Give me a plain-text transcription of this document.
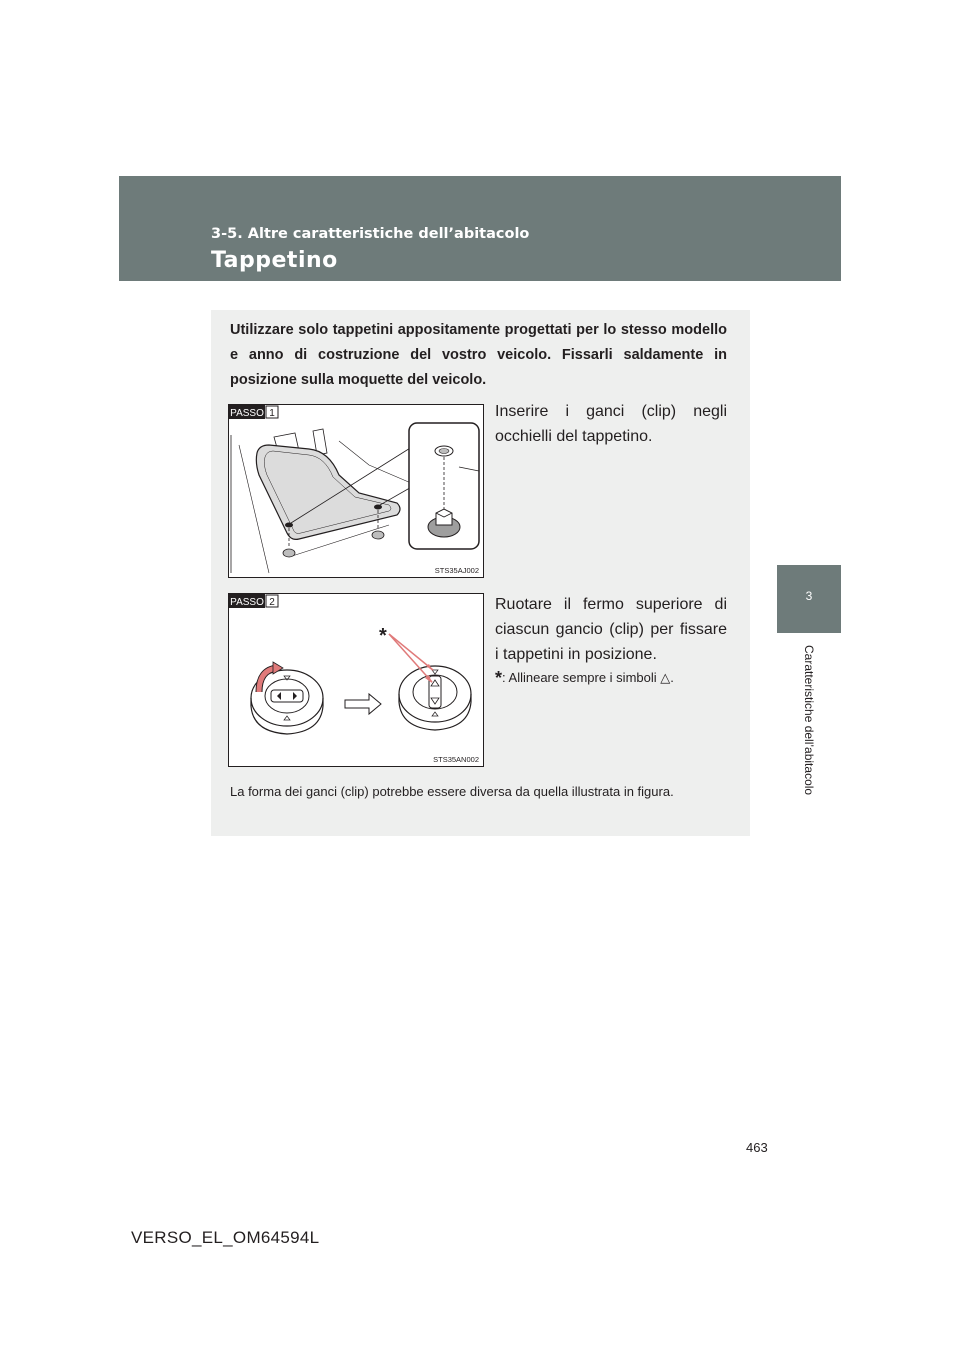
3-5. Altre caratteristiche dell’abitacolo
Tappetino
3
Caratteristiche dell’abitacolo
Utilizzare solo tappetini appositamente progettati per lo stesso modello e anno di costruzione del vostro veicolo. Fissarli saldamente in posizione sulla moquette del veicolo.
PASSO 1
STS35AJ002
Inserire i ganci (clip) negli occhielli del tappetino.
PASSO 2
*
STS35AN002
Ruotare il fermo superiore di ciascun gancio (clip) per fissare i tappetini in posizione.
*: Allineare sempre i simboli △.
La forma dei ganci (clip) potrebbe essere diversa da quella illustrata in figura.
463
VERSO_EL_OM64594L
